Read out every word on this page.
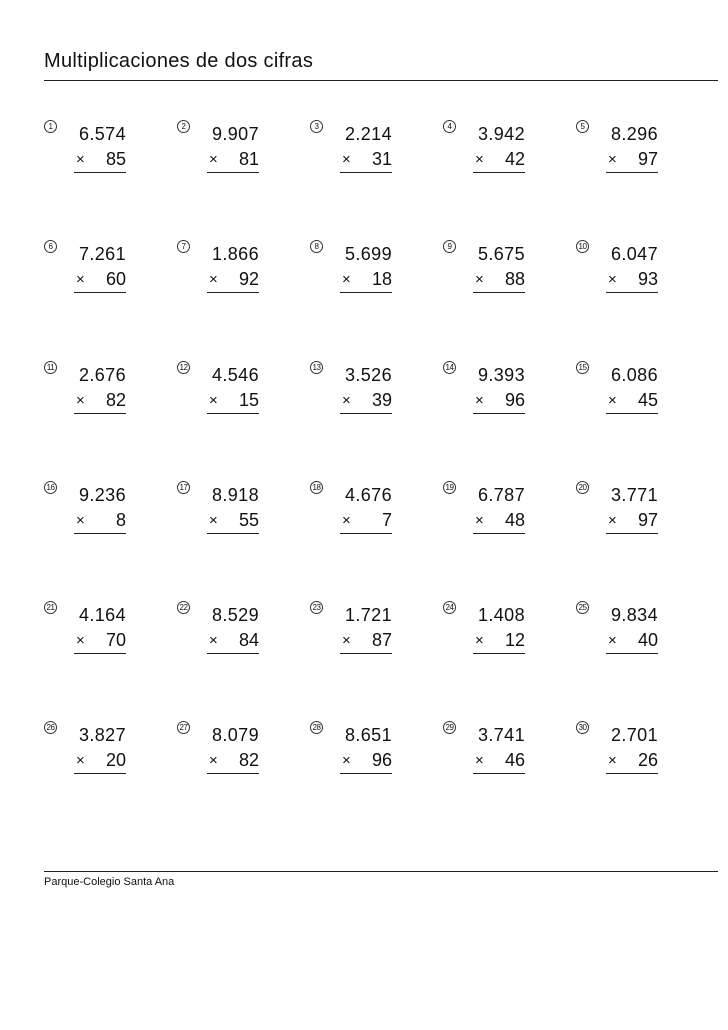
Multiplicaciones de dos cifras
1 6.574
×	85
2 9.907
×	81
3 2.214
×	31
4 3.942
×	42
5 8.296
×	97
6 7.261
×	60
7 1.866
×	92
8 5.699
×	18
9 5.675
×	88
10 6.047
×	93
11 2.676
×	82
12 4.546
×	15
13 3.526
×	39
14 9.393
×	96
15 6.086
×	45
16 9.236
×	8
17 8.918
×	55
18 4.676
×	7
19 6.787
×	48
20 3.771
×	97
21 4.164
×	70
22 8.529
×	84
23 1.721
×	87
24 1.408
×	12
25 9.834
×	40
26 3.827
×	20
27 8.079
×	82
28 8.651
×	96
29 3.741
×	46
30 2.701
×	26
Parque-Colegio Santa Ana
